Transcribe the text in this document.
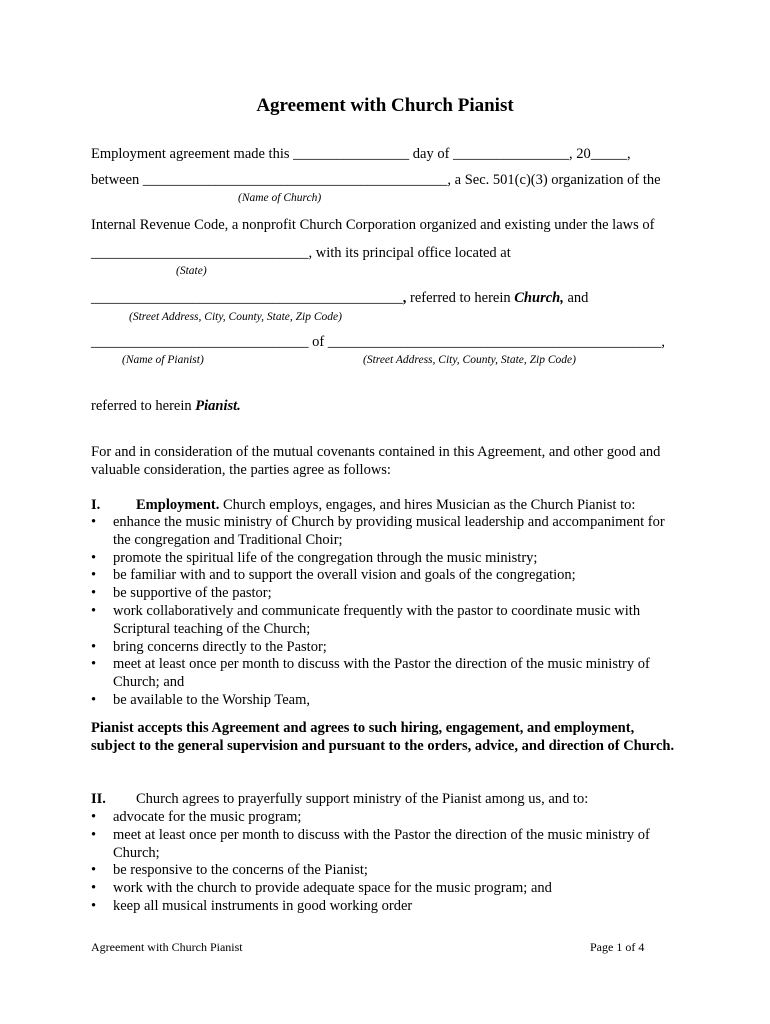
Agreement with Church Pianist
Employment agreement made this ________________ day of ________________, 20_____,
between __________________________________________, a Sec. 501(c)(3) organization of the
(Name of Church)
Internal Revenue Code, a nonprofit Church Corporation organized and existing under the laws of
______________________________, with its principal office located at
(State)
___________________________________________, referred to herein Church, and
(Street Address, City, County, State, Zip Code)
______________________________ of ______________________________________________,
(Name of Pianist)	(Street Address, City, County, State, Zip Code)
referred to herein Pianist.
For and in consideration of the mutual covenants contained in this Agreement, and other good and valuable consideration, the parties agree as follows:
I. Employment. Church employs, engages, and hires Musician as the Church Pianist to:
• enhance the music ministry of Church by providing musical leadership and accompaniment for the congregation and Traditional Choir;
• promote the spiritual life of the congregation through the music ministry;
• be familiar with and to support the overall vision and goals of the congregation;
• be supportive of the pastor;
• work collaboratively and communicate frequently with the pastor to coordinate music with Scriptural teaching of the Church;
• bring concerns directly to the Pastor;
• meet at least once per month to discuss with the Pastor the direction of the music ministry of Church; and
• be available to the Worship Team,
Pianist accepts this Agreement and agrees to such hiring, engagement, and employment, subject to the general supervision and pursuant to the orders, advice, and direction of Church.
II. Church agrees to prayerfully support ministry of the Pianist among us, and to:
• advocate for the music program;
• meet at least once per month to discuss with the Pastor the direction of the music ministry of Church;
• be responsive to the concerns of the Pianist;
• work with the church to provide adequate space for the music program; and
• keep all musical instruments in good working order
Agreement with Church Pianist	Page 1 of 4
